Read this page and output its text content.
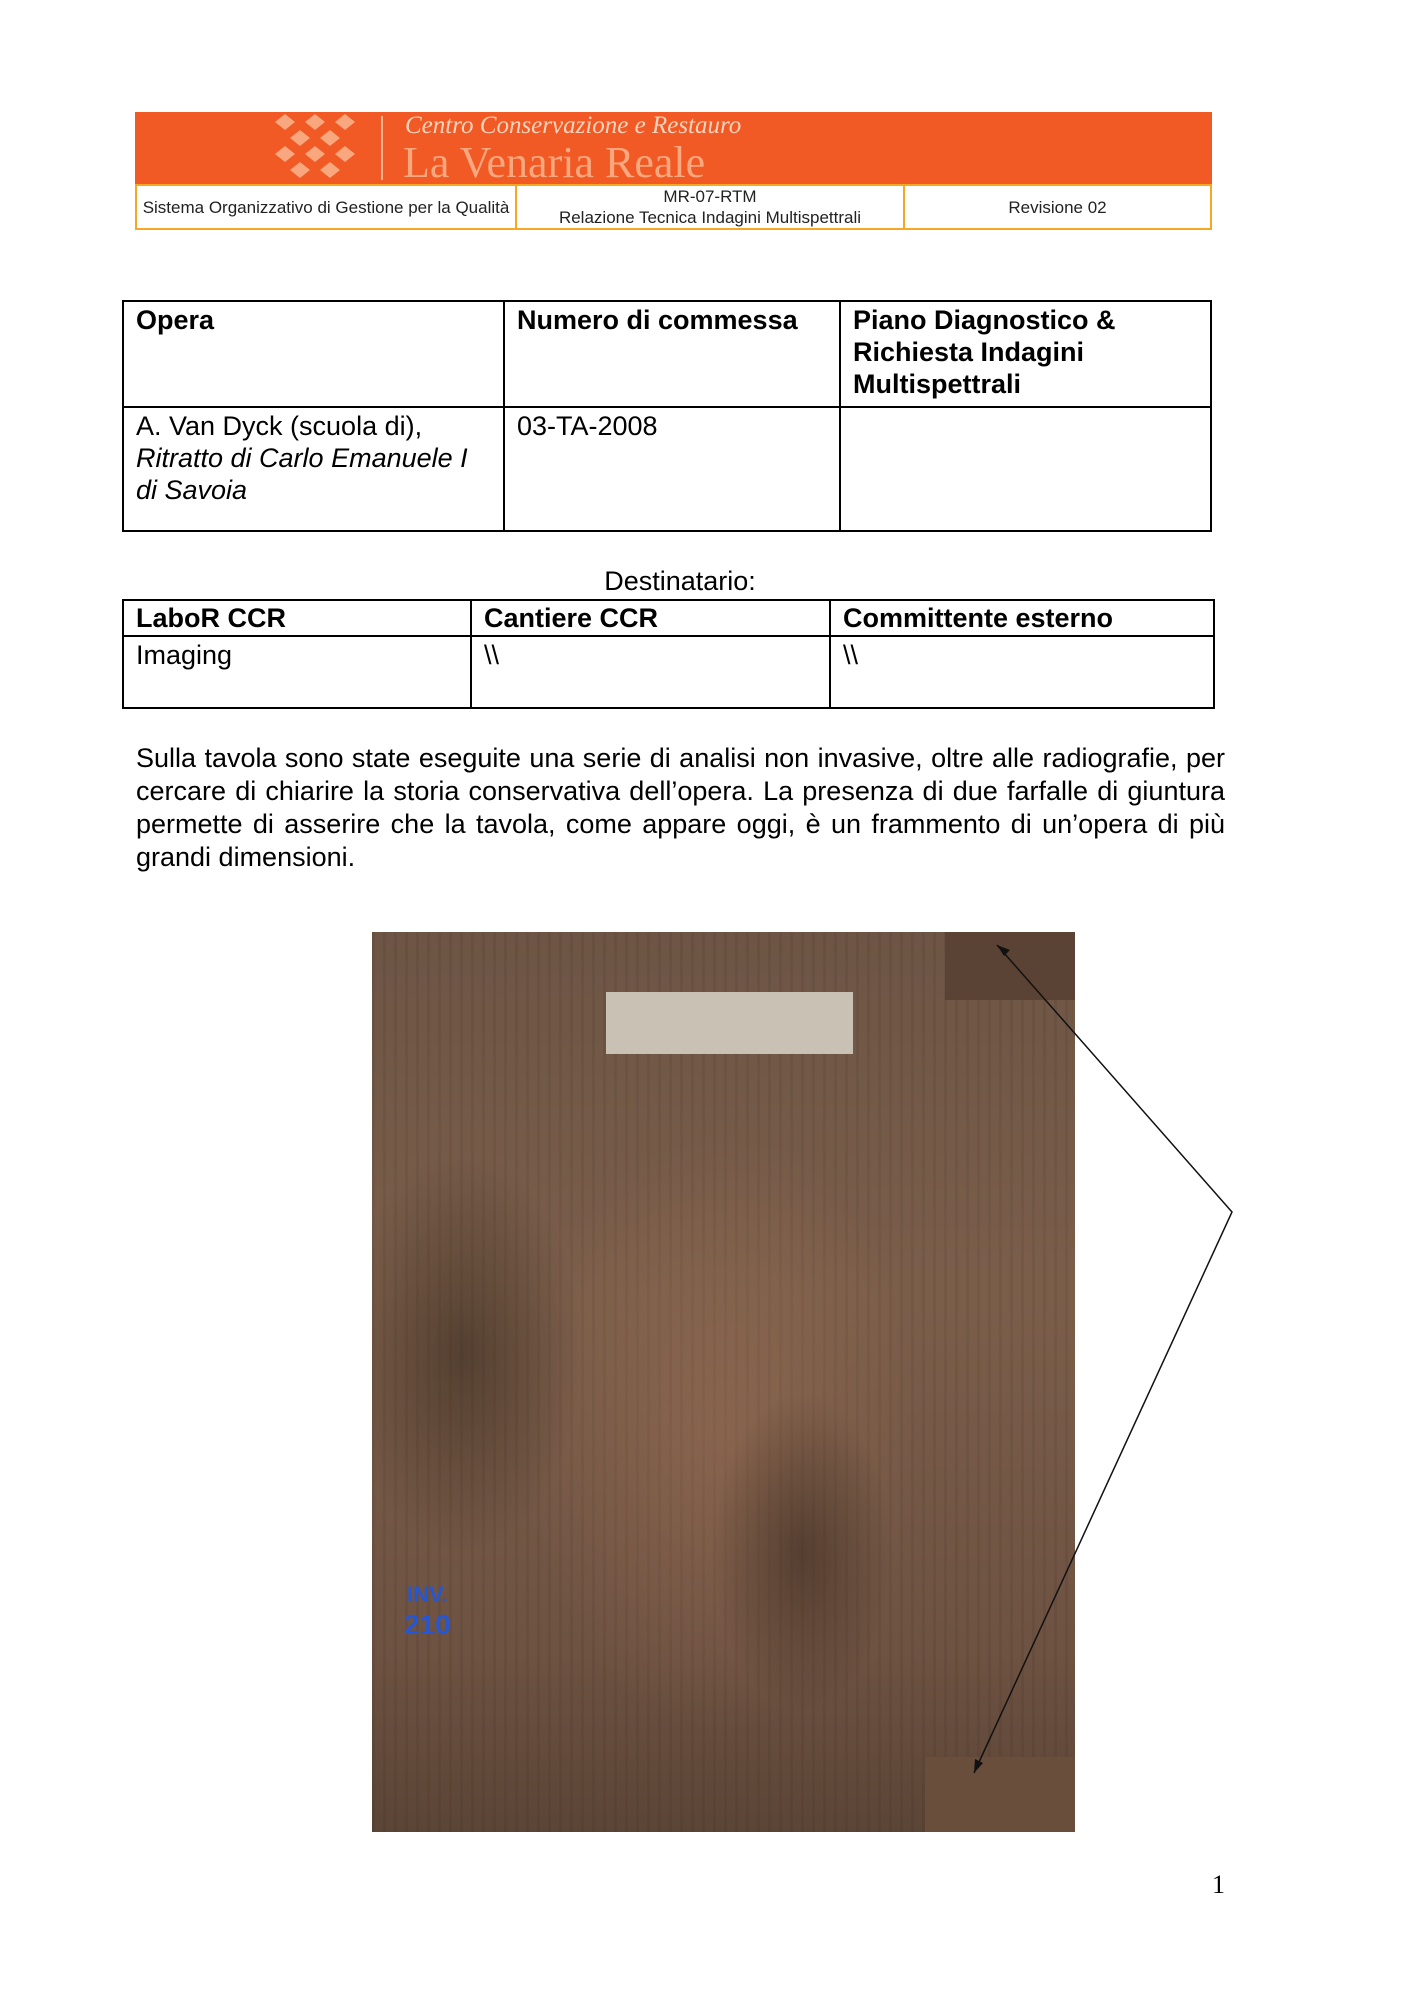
Centro Conservazione e Restauro
La Venaria Reale
Sistema Organizzativo di Gestione per la Qualità
MR-07-RTM
Relazione Tecnica Indagini Multispettrali
Revisione 02
Opera	Numero di commessa	Piano Diagnostico & Richiesta Indagini Multispettrali
A. Van Dyck (scuola di),
Ritratto di Carlo Emanuele I di Savoia	03-TA-2008	
Destinatario:
LaboR CCR	Cantiere CCR	Committente esterno
Imaging	\\	\\
Sulla tavola sono state eseguite una serie di analisi non invasive, oltre alle radiografie, per cercare di chiarire la storia conservativa dell’opera. La presenza di due farfalle di giuntura permette di asserire che la tavola, come appare oggi, è un frammento di un’opera di più grandi dimensioni.
INV.
210
1
